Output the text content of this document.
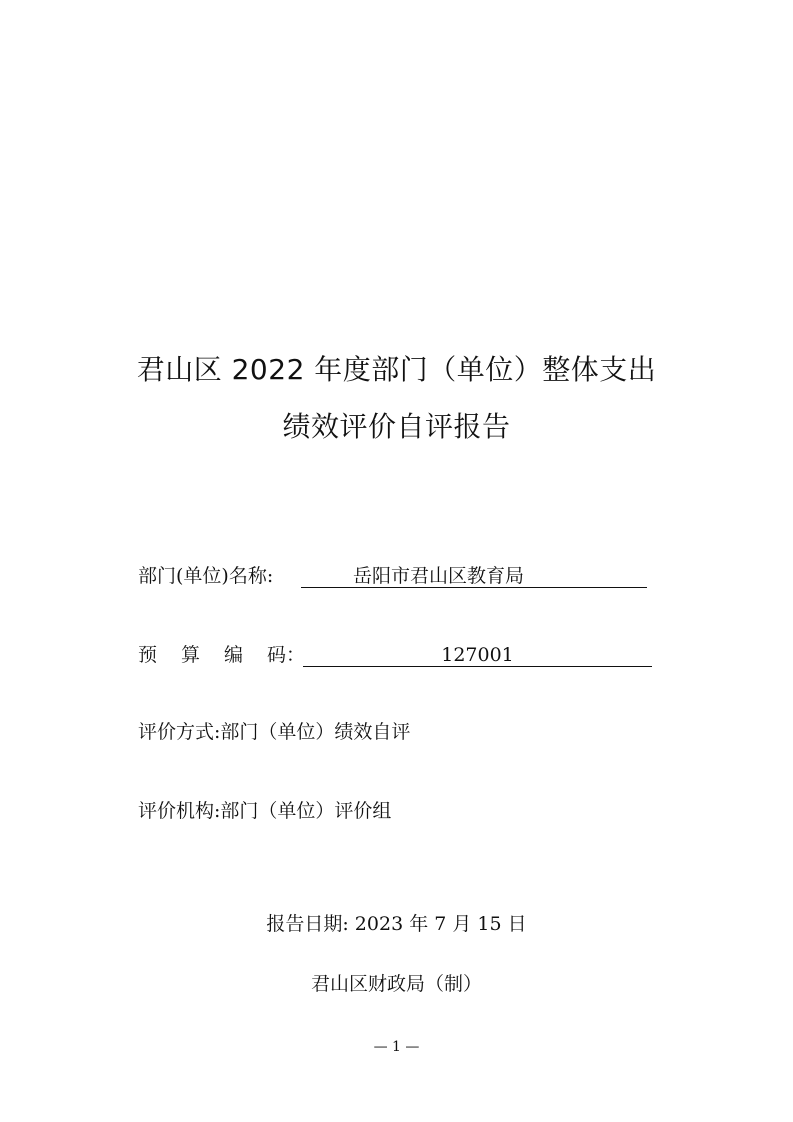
君山区 2022 年度部门（单位）整体支出
绩效评价自评报告
部门(单位)名称:	岳阳市君山区教育局
预 算 编 码：	127001
评价方式:部门（单位）绩效自评
评价机构:部门（单位）评价组
报告日期: 2023 年 7 月 15 日
君山区财政局（制）
— 1 —
